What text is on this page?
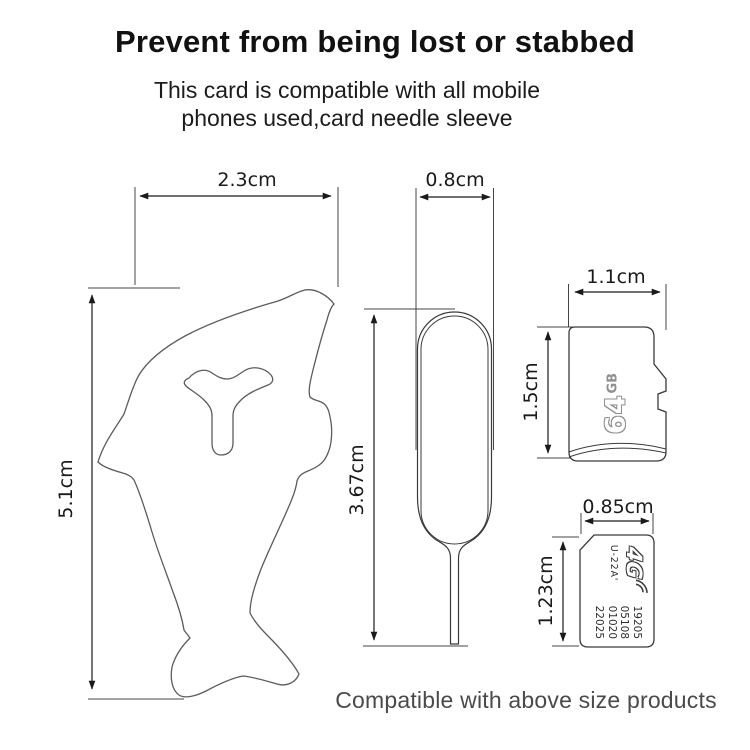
Prevent from being lost or stabbed
This card is compatible with all mobile
phones used,card needle sleeve
2.3cm
5.1cm
0.8cm
3.67cm
1.1cm
1.5cm
0.85cm
1.23cm
$64^{GB}$
4G
U-22A'
19205
05108
01020
22025
Compatible with above size products
